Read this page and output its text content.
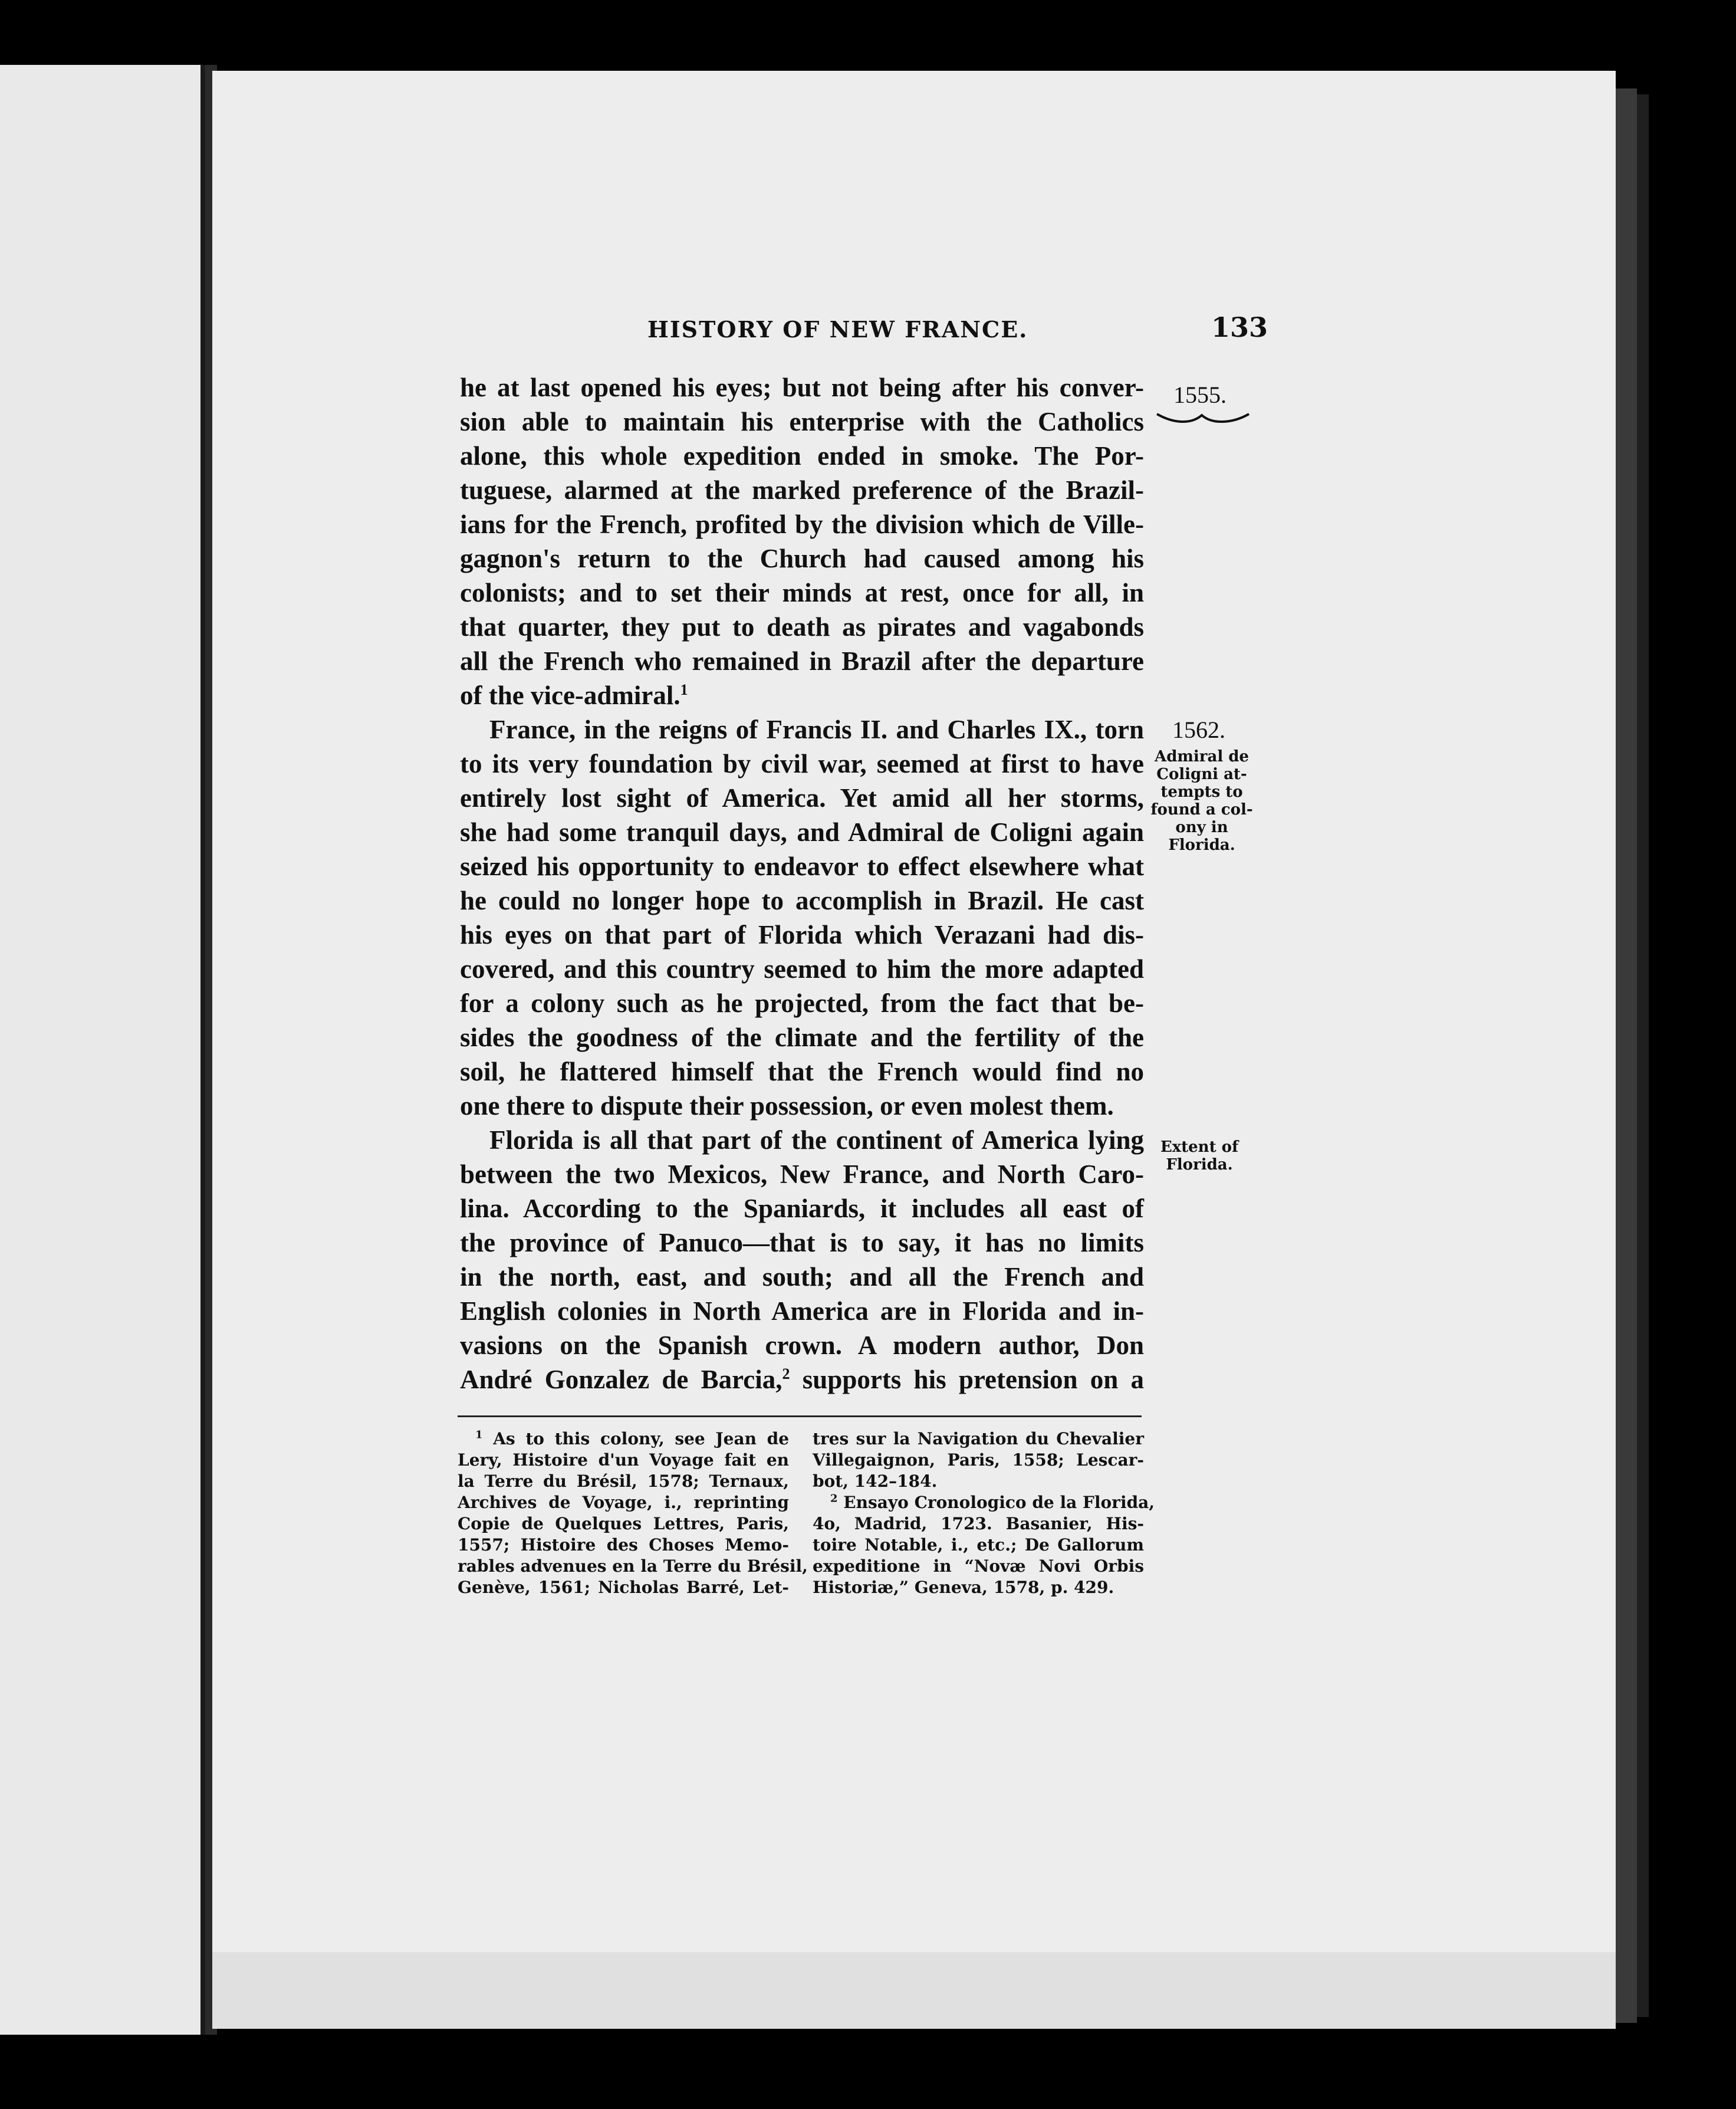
HISTORY OF NEW FRANCE.	133
1555.
1562.
Admiral de
Coligni at-
tempts to
found a col-
ony in
Florida.
Extent of
Florida.
he at last opened his eyes; but not being after his conver-
sion able to maintain his enterprise with the Catholics
alone, this whole expedition ended in smoke. The Por-
tuguese, alarmed at the marked preference of the Brazil-
ians for the French, profited by the division which de Ville-
gagnon's return to the Church had caused among his
colonists; and to set their minds at rest, once for all, in
that quarter, they put to death as pirates and vagabonds
all the French who remained in Brazil after the departure
of the vice-admiral.$^1$
France, in the reigns of Francis II. and Charles IX., torn
to its very foundation by civil war, seemed at first to have
entirely lost sight of America. Yet amid all her storms,
she had some tranquil days, and Admiral de Coligni again
seized his opportunity to endeavor to effect elsewhere what
he could no longer hope to accomplish in Brazil. He cast
his eyes on that part of Florida which Verazani had dis-
covered, and this country seemed to him the more adapted
for a colony such as he projected, from the fact that be-
sides the goodness of the climate and the fertility of the
soil, he flattered himself that the French would find no
one there to dispute their possession, or even molest them.
Florida is all that part of the continent of America lying
between the two Mexicos, New France, and North Caro-
lina. According to the Spaniards, it includes all east of
the province of Panuco—that is to say, it has no limits
in the north, east, and south; and all the French and
English colonies in North America are in Florida and in-
vasions on the Spanish crown. A modern author, Don
André Gonzalez de Barcia,$^2$ supports his pretension on a
$^1$ As to this colony, see Jean de
Lery, Histoire d'un Voyage fait en
la Terre du Brésil, 1578; Ternaux,
Archives de Voyage, i., reprinting
Copie de Quelques Lettres, Paris,
1557; Histoire des Choses Memo-
rables advenues en la Terre du Brésil,
Genève, 1561; Nicholas Barré, Let-
tres sur la Navigation du Chevalier
Villegaignon, Paris, 1558; Lescar-
bot, 142–184.
$^2$ Ensayo Cronologico de la Florida,
4o, Madrid, 1723. Basanier, His-
toire Notable, i., etc.; De Gallorum
expeditione in “Novæ Novi Orbis
Historiæ,” Geneva, 1578, p. 429.
